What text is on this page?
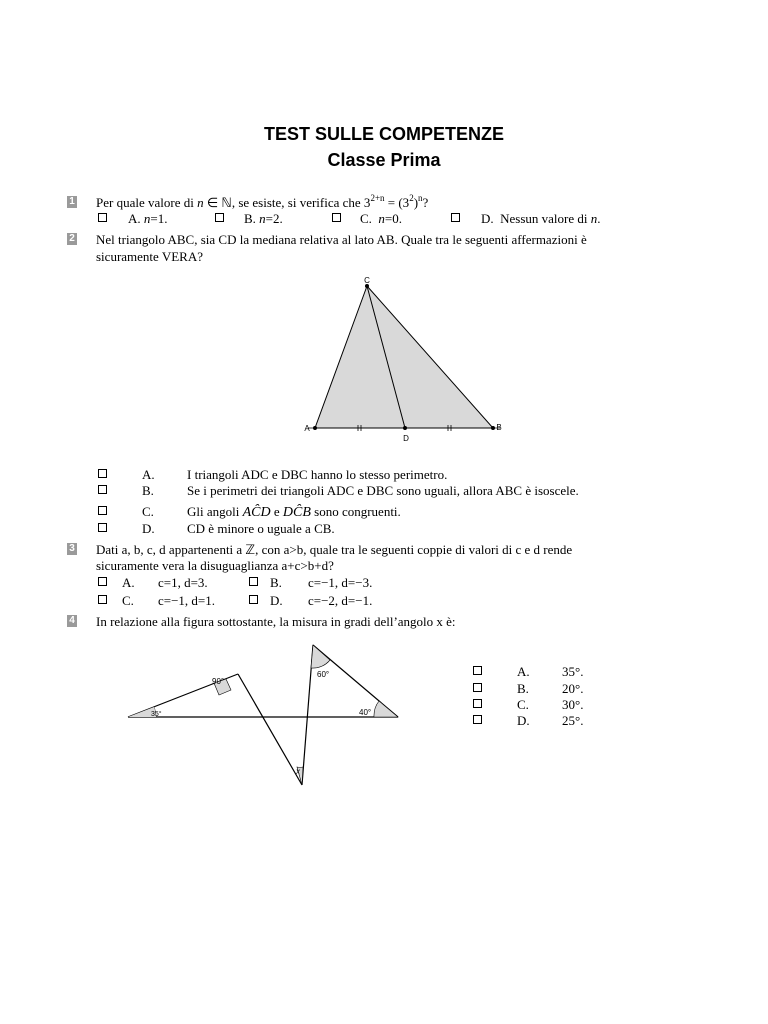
TEST SULLE COMPETENZE
Classe Prima
1 Per quale valore di n ∈ ℕ, se esiste, si verifica che $3^{2+n} = (3^2)^n$?
A. n=1.	B. n=2.	C. n=0.	D. Nessun valore di n.
2 Nel triangolo ABC, sia CD la mediana relativa al lato AB. Quale tra le seguenti affermazioni è
sicuramente VERA?
C
A	B
D
A. I triangoli ADC e DBC hanno lo stesso perimetro.
B.	Se i perimetri dei triangoli ADC e DBC sono uguali, allora ABC è isoscele.
C.	Gli angoli AĈD e DĈB sono congruenti.
D. CD è minore o uguale a CB.
3 Dati a, b, c, d appartenenti a ℤ, con a>b, quale tra le seguenti coppie di valori di c e d rende
sicuramente vera la disuguaglianza a+c>b+d?
A. c=1, d=3.	B. c=−1, d=−3.
C. c=−1, d=1.	D. c=−2, d=−1.
4 In relazione alla figura sottostante, la misura in gradi dell’angolo x è:
90°
60°
35°	40°
x
A. 35°.
B.	20°.
C.	30°.
D. 25°.
